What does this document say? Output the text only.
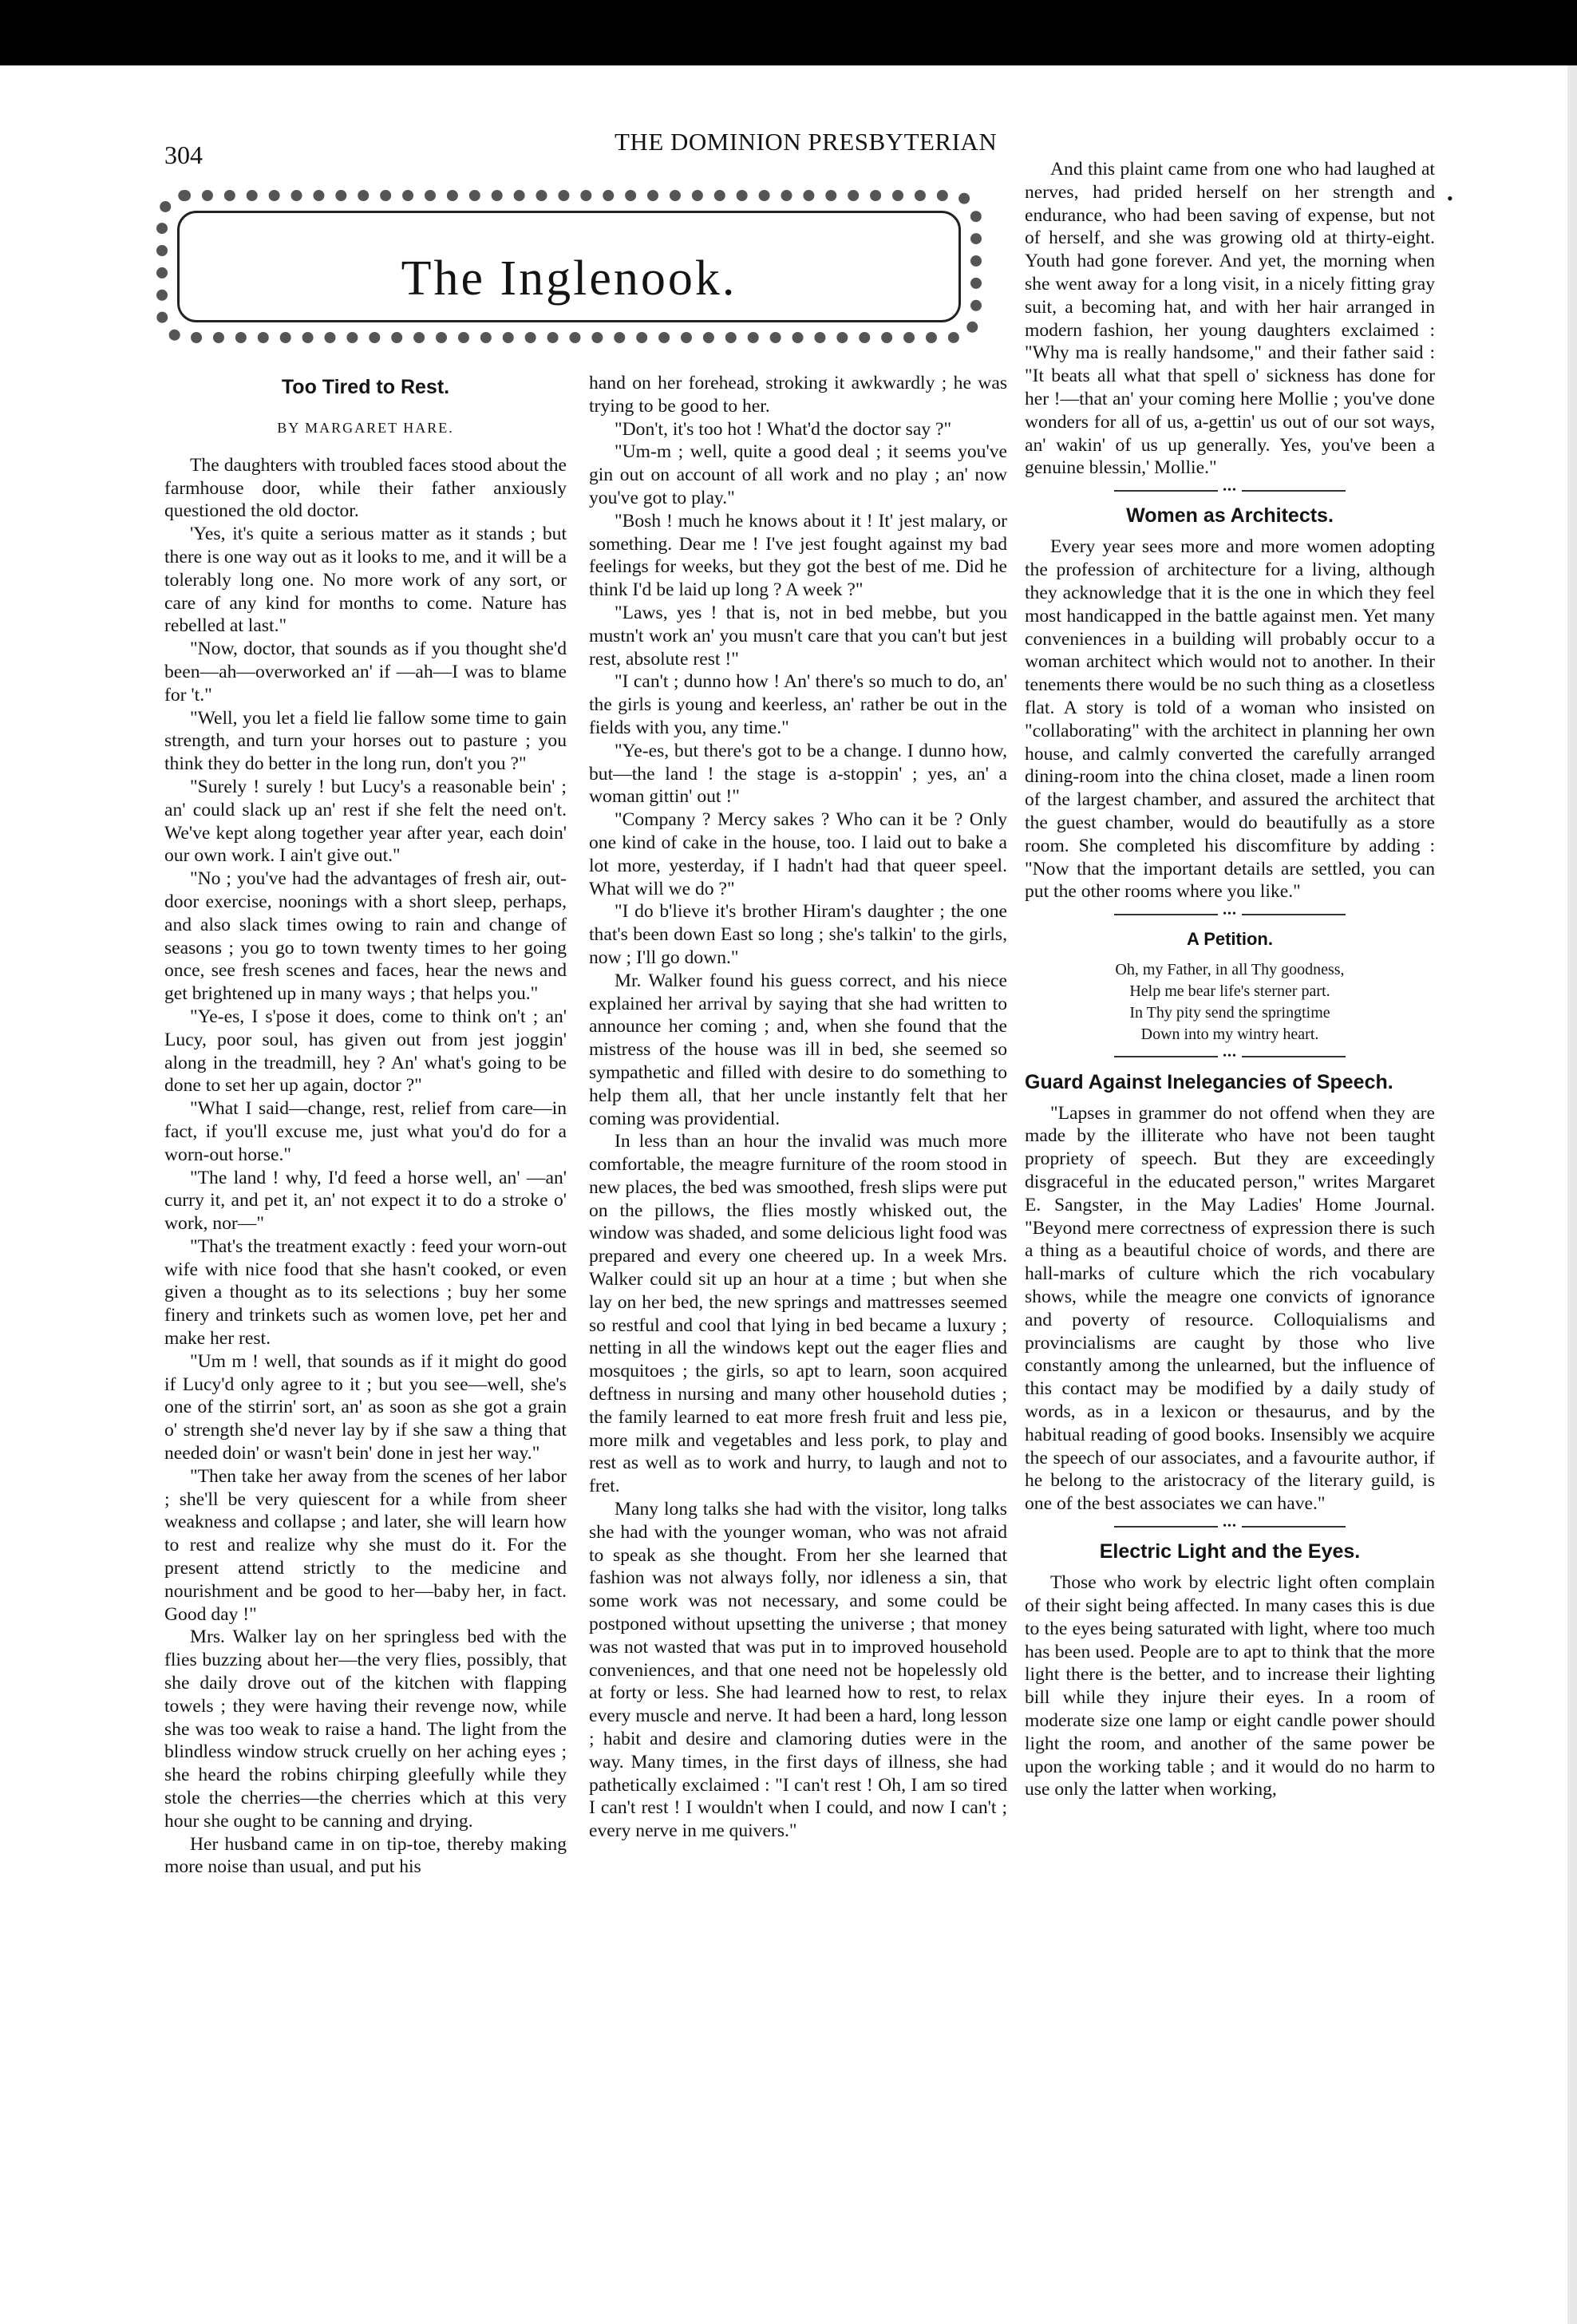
304	THE DOMINION PRESBYTERIAN
The Inglenook.
•
Too Tired to Rest.
BY MARGARET HARE.

The daughters with troubled faces stood about the farmhouse door, while their father anxiously questioned the old doctor.

'Yes, it's quite a serious matter as it stands ; but there is one way out as it looks to me, and it will be a tolerably long one. No more work of any sort, or care of any kind for months to come. Nature has rebelled at last."

"Now, doctor, that sounds as if you thought she'd been—ah—overworked an' if —ah—I was to blame for 't."

"Well, you let a field lie fallow some time to gain strength, and turn your horses out to pasture ; you think they do better in the long run, don't you ?"

"Surely ! surely ! but Lucy's a reasonable bein' ; an' could slack up an' rest if she felt the need on't. We've kept along together year after year, each doin' our own work. I ain't give out."

"No ; you've had the advantages of fresh air, out-door exercise, noonings with a short sleep, perhaps, and also slack times owing to rain and change of seasons ; you go to town twenty times to her going once, see fresh scenes and faces, hear the news and get brightened up in many ways ; that helps you."

"Ye-es, I s'pose it does, come to think on't ; an' Lucy, poor soul, has given out from jest joggin' along in the treadmill, hey ? An' what's going to be done to set her up again, doctor ?"

"What I said—change, rest, relief from care—in fact, if you'll excuse me, just what you'd do for a worn-out horse."

"The land ! why, I'd feed a horse well, an' —an' curry it, and pet it, an' not expect it to do a stroke o' work, nor—"

"That's the treatment exactly : feed your worn-out wife with nice food that she hasn't cooked, or even given a thought as to its selections ; buy her some finery and trinkets such as women love, pet her and make her rest.

"Um m ! well, that sounds as if it might do good if Lucy'd only agree to it ; but you see—well, she's one of the stirrin' sort, an' as soon as she got a grain o' strength she'd never lay by if she saw a thing that needed doin' or wasn't bein' done in jest her way."

"Then take her away from the scenes of her labor ; she'll be very quiescent for a while from sheer weakness and collapse ; and later, she will learn how to rest and realize why she must do it. For the present attend strictly to the medicine and nourishment and be good to her—baby her, in fact. Good day !"

Mrs. Walker lay on her springless bed with the flies buzzing about her—the very flies, possibly, that she daily drove out of the kitchen with flapping towels ; they were having their revenge now, while she was too weak to raise a hand. The light from the blindless window struck cruelly on her aching eyes ; she heard the robins chirping gleefully while they stole the cherries—the cherries which at this very hour she ought to be canning and drying.

Her husband came in on tip-toe, thereby making more noise than usual, and put his

hand on her forehead, stroking it awkwardly ; he was trying to be good to her.

"Don't, it's too hot ! What'd the doctor say ?"

"Um-m ; well, quite a good deal ; it seems you've gin out on account of all work and no play ; an' now you've got to play."

"Bosh ! much he knows about it ! It' jest malary, or something. Dear me ! I've jest fought against my bad feelings for weeks, but they got the best of me. Did he think I'd be laid up long ? A week ?"

"Laws, yes ! that is, not in bed mebbe, but you mustn't work an' you musn't care that you can't but jest rest, absolute rest !"

"I can't ; dunno how ! An' there's so much to do, an' the girls is young and keerless, an' rather be out in the fields with you, any time."

"Ye-es, but there's got to be a change. I dunno how, but—the land ! the stage is a-stoppin' ; yes, an' a woman gittin' out !"

"Company ? Mercy sakes ? Who can it be ? Only one kind of cake in the house, too. I laid out to bake a lot more, yesterday, if I hadn't had that queer speel. What will we do ?"

"I do b'lieve it's brother Hiram's daughter ; the one that's been down East so long ; she's talkin' to the girls, now ; I'll go down."

Mr. Walker found his guess correct, and his niece explained her arrival by saying that she had written to announce her coming ; and, when she found that the mistress of the house was ill in bed, she seemed so sympathetic and filled with desire to do something to help them all, that her uncle instantly felt that her coming was providential.

In less than an hour the invalid was much more comfortable, the meagre furniture of the room stood in new places, the bed was smoothed, fresh slips were put on the pillows, the flies mostly whisked out, the window was shaded, and some delicious light food was prepared and every one cheered up. In a week Mrs. Walker could sit up an hour at a time ; but when she lay on her bed, the new springs and mattresses seemed so restful and cool that lying in bed became a luxury ; netting in all the windows kept out the eager flies and mosquitoes ; the girls, so apt to learn, soon acquired deftness in nursing and many other household duties ; the family learned to eat more fresh fruit and less pie, more milk and vegetables and less pork, to play and rest as well as to work and hurry, to laugh and not to fret.

Many long talks she had with the visitor, long talks she had with the younger woman, who was not afraid to speak as she thought. From her she learned that fashion was not always folly, nor idleness a sin, that some work was not necessary, and some could be postponed without upsetting the universe ; that money was not wasted that was put in to improved household conveniences, and that one need not be hopelessly old at forty or less. She had learned how to rest, to relax every muscle and nerve. It had been a hard, long lesson ; habit and desire and clamoring duties were in the way. Many times, in the first days of illness, she had pathetically exclaimed : "I can't rest ! Oh, I am so tired I can't rest ! I wouldn't when I could, and now I can't ; every nerve in me quivers."

And this plaint came from one who had laughed at nerves, had prided herself on her strength and endurance, who had been saving of expense, but not of herself, and she was growing old at thirty-eight. Youth had gone forever. And yet, the morning when she went away for a long visit, in a nicely fitting gray suit, a becoming hat, and with her hair arranged in modern fashion, her young daughters exclaimed : "Why ma is really handsome," and their father said : "It beats all what that spell o' sickness has done for her !—that an' your coming here Mollie ; you've done wonders for all of us, a-gettin' us out of our sot ways, an' wakin' of us up generally. Yes, you've been a genuine blessin,' Mollie."

•••
Women as Architects.

Every year sees more and more women adopting the profession of architecture for a living, although they acknowledge that it is the one in which they feel most handicapped in the battle against men. Yet many conveniences in a building will probably occur to a woman architect which would not to another. In their tenements there would be no such thing as a closetless flat. A story is told of a woman who insisted on "collaborating" with the architect in planning her own house, and calmly converted the carefully arranged dining-room into the china closet, made a linen room of the largest chamber, and assured the architect that the guest chamber, would do beautifully as a store room. She completed his discomfiture by adding : "Now that the important details are settled, you can put the other rooms where you like."

•••
A Petition.
Oh, my Father, in all Thy goodness,
Help me bear life's sterner part.
In Thy pity send the springtime
Down into my wintry heart.
•••
Guard Against Inelegancies of Speech.

"Lapses in grammer do not offend when they are made by the illiterate who have not been taught propriety of speech. But they are exceedingly disgraceful in the educated person," writes Margaret E. Sangster, in the May Ladies' Home Journal. "Beyond mere correctness of expression there is such a thing as a beautiful choice of words, and there are hall-marks of culture which the rich vocabulary shows, while the meagre one convicts of ignorance and poverty of resource. Colloquialisms and provincialisms are caught by those who live constantly among the unlearned, but the influence of this contact may be modified by a daily study of words, as in a lexicon or thesaurus, and by the habitual reading of good books. Insensibly we acquire the speech of our associates, and a favourite author, if he belong to the aristocracy of the literary guild, is one of the best associates we can have."

•••
Electric Light and the Eyes.

Those who work by electric light often complain of their sight being affected. In many cases this is due to the eyes being saturated with light, where too much has been used. People are to apt to think that the more light there is the better, and to increase their lighting bill while they injure their eyes. In a room of moderate size one lamp or eight candle power should light the room, and another of the same power be upon the working table ; and it would do no harm to use only the latter when working,
